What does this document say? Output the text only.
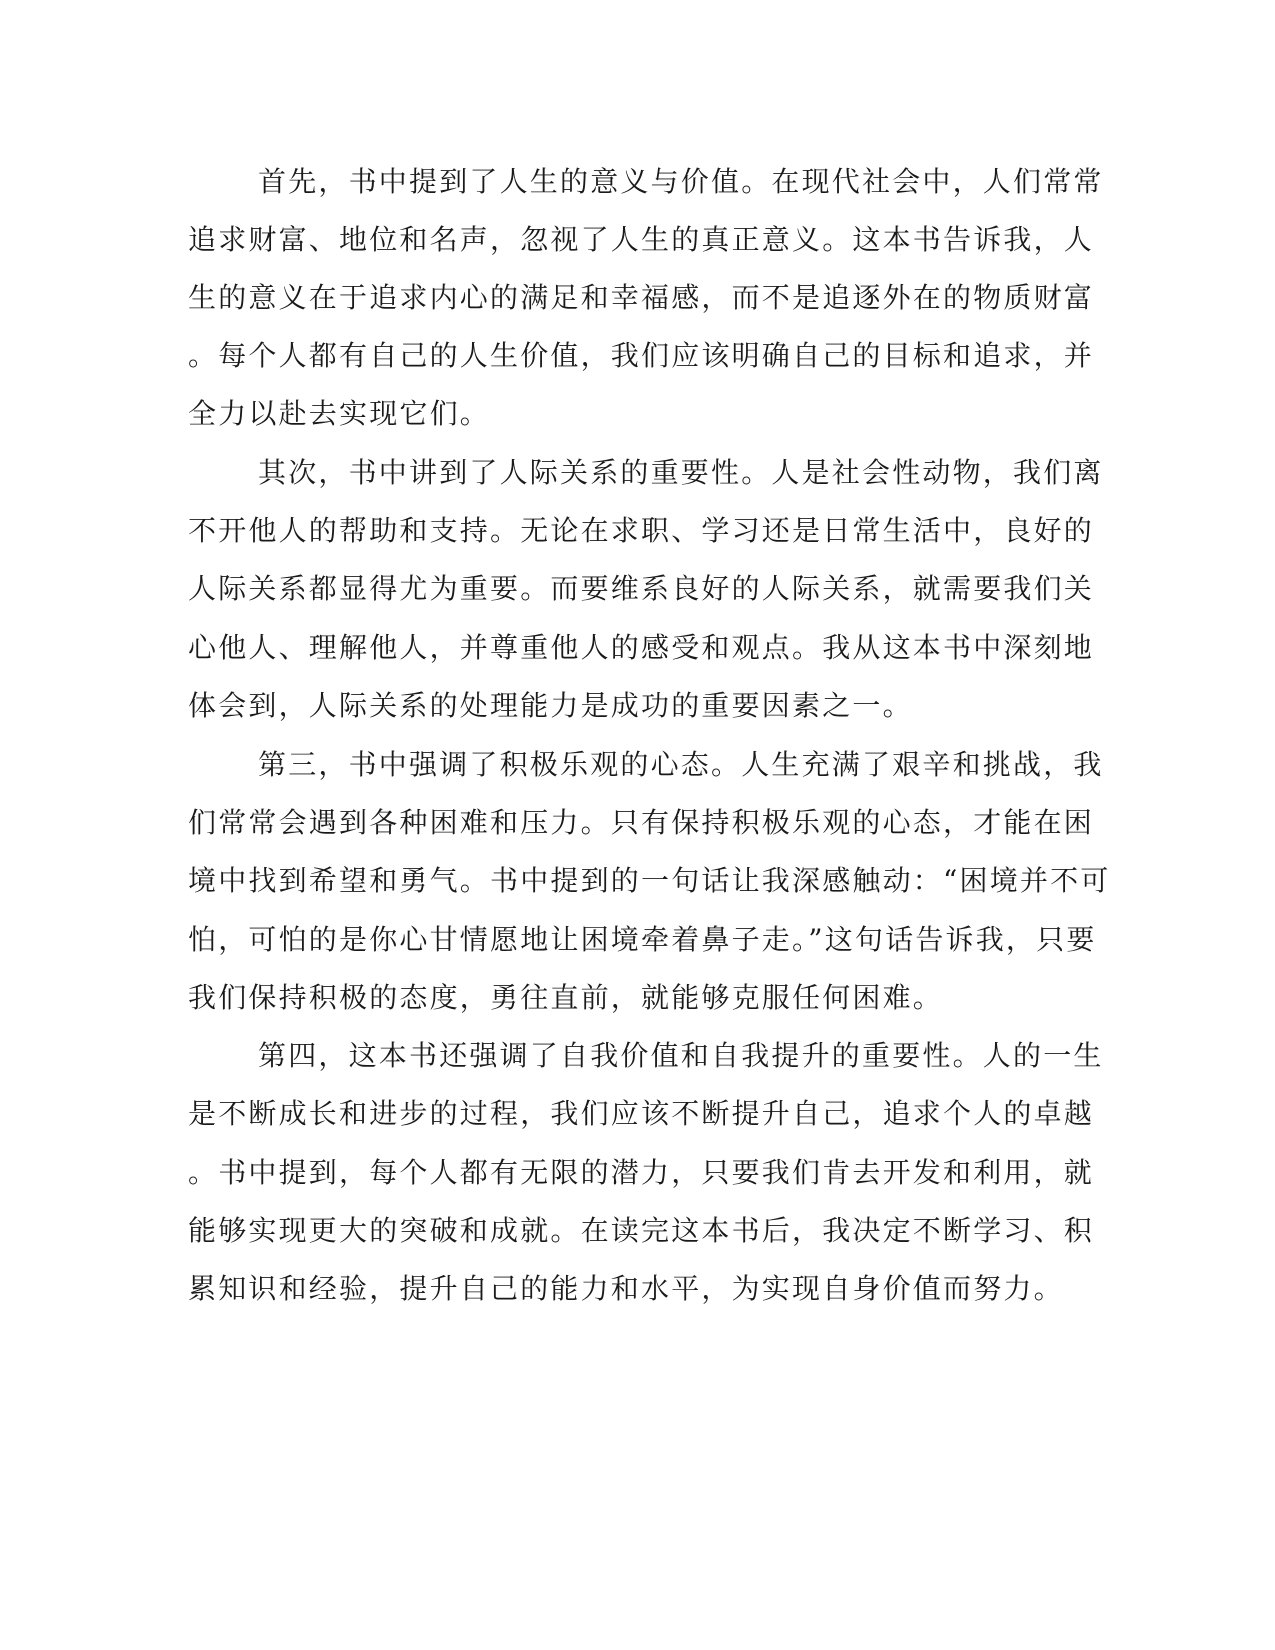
首先，书中提到了人生的意义与价值。在现代社会中，人们常常
追求财富、地位和名声，忽视了人生的真正意义。这本书告诉我，人
生的意义在于追求内心的满足和幸福感，而不是追逐外在的物质财富
。每个人都有自己的人生价值，我们应该明确自己的目标和追求，并
全力以赴去实现它们。
其次，书中讲到了人际关系的重要性。人是社会性动物，我们离
不开他人的帮助和支持。无论在求职、学习还是日常生活中，良好的
人际关系都显得尤为重要。而要维系良好的人际关系，就需要我们关
心他人、理解他人，并尊重他人的感受和观点。我从这本书中深刻地
体会到，人际关系的处理能力是成功的重要因素之一。
第三，书中强调了积极乐观的心态。人生充满了艰辛和挑战，我
们常常会遇到各种困难和压力。只有保持积极乐观的心态，才能在困
境中找到希望和勇气。书中提到的一句话让我深感触动：“困境并不可
怕，可怕的是你心甘情愿地让困境牵着鼻子走。”这句话告诉我，只要
我们保持积极的态度，勇往直前，就能够克服任何困难。
第四，这本书还强调了自我价值和自我提升的重要性。人的一生
是不断成长和进步的过程，我们应该不断提升自己，追求个人的卓越
。书中提到，每个人都有无限的潜力，只要我们肯去开发和利用，就
能够实现更大的突破和成就。在读完这本书后，我决定不断学习、积
累知识和经验，提升自己的能力和水平，为实现自身价值而努力。
